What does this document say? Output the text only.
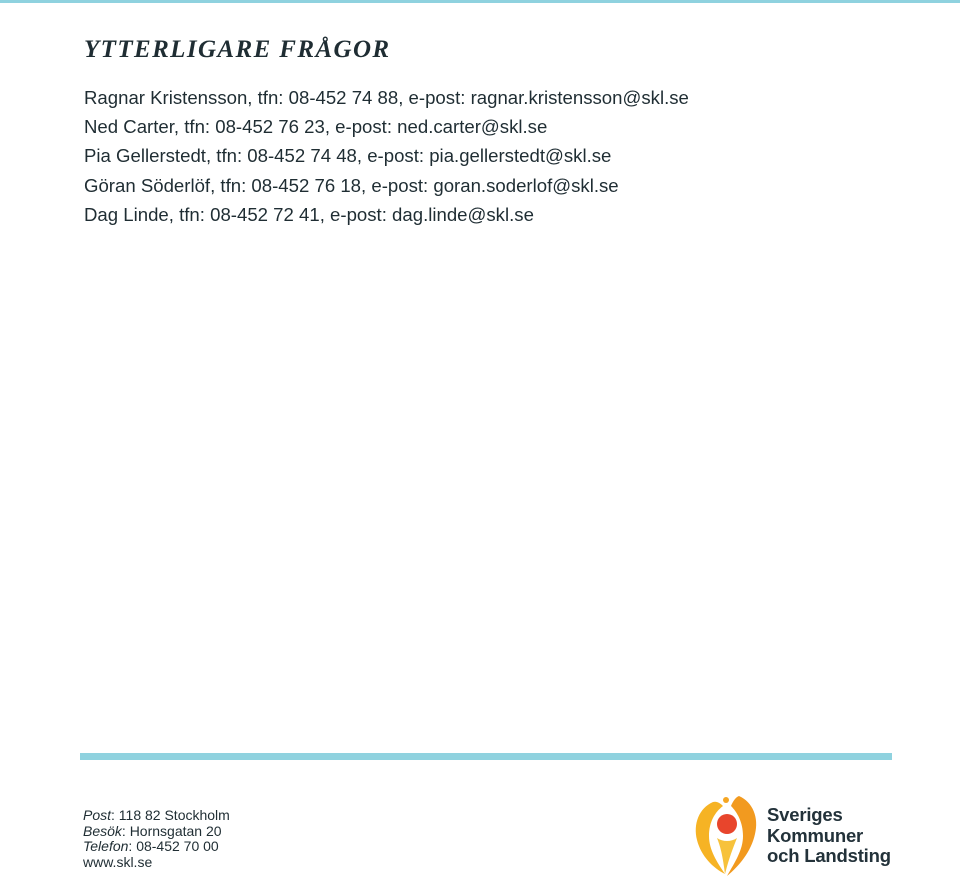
YTTERLIGARE FRÅGOR
Ragnar Kristensson, tfn: 08-452 74 88, e-post: ragnar.kristensson@skl.se
Ned Carter, tfn: 08-452 76 23, e-post: ned.carter@skl.se
Pia Gellerstedt, tfn: 08-452 74 48, e-post: pia.gellerstedt@skl.se
Göran Söderlöf, tfn: 08-452 76 18, e-post: goran.soderlof@skl.se
Dag Linde, tfn: 08-452 72 41, e-post: dag.linde@skl.se
Post: 118 82 Stockholm
Besök: Hornsgatan 20
Telefon: 08-452 70 00
www.skl.se
Sveriges
Kommuner
och Landsting
